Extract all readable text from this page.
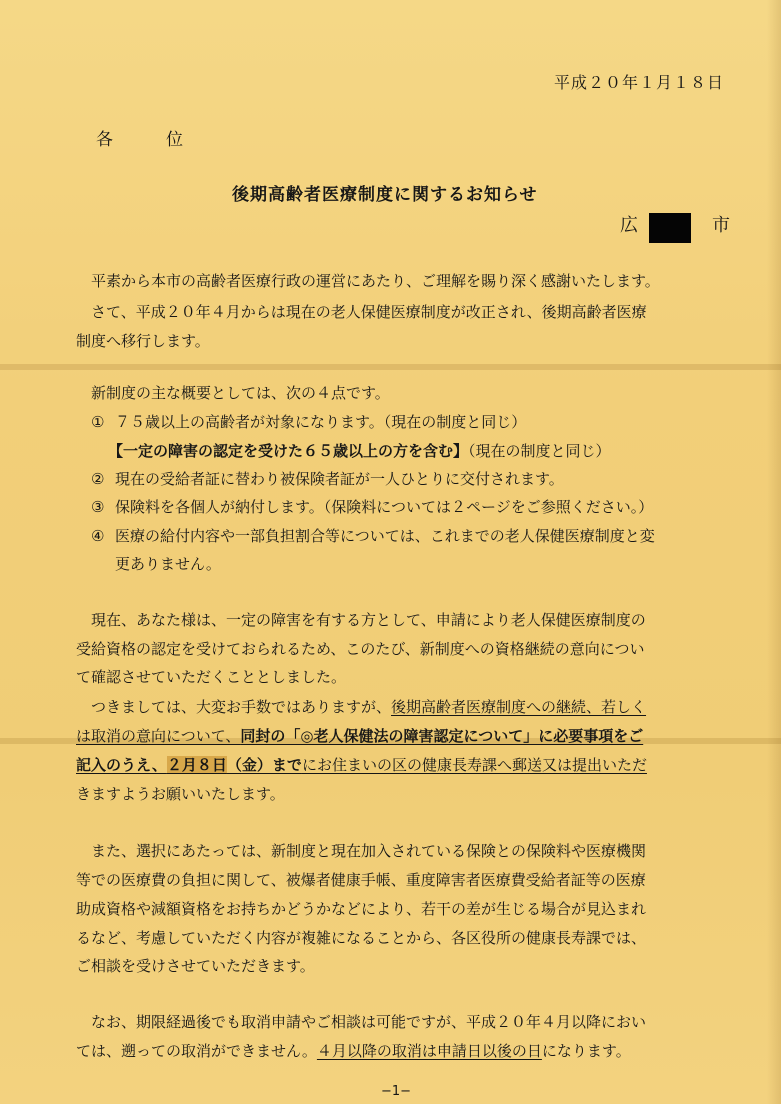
平成２０年１月１８日
各　位
後期高齢者医療制度に関するお知らせ
広	市
平素から本市の高齢者医療行政の運営にあたり、ご理解を賜り深く感謝いたします。
さて、平成２０年４月からは現在の老人保健医療制度が改正され、後期高齢者医療
制度へ移行します。
新制度の主な概要としては、次の４点です。
① ７５歳以上の高齢者が対象になります。（現在の制度と同じ）
【一定の障害の認定を受けた６５歳以上の方を含む】（現在の制度と同じ）
② 現在の受給者証に替わり被保険者証が一人ひとりに交付されます。
③ 保険料を各個人が納付します。（保険料については２ページをご参照ください。）
④ 医療の給付内容や一部負担割合等については、これまでの老人保健医療制度と変
更ありません。
現在、あなた様は、一定の障害を有する方として、申請により老人保健医療制度の
受給資格の認定を受けておられるため、このたび、新制度への資格継続の意向につい
て確認させていただくこととしました。
つきましては、大変お手数ではありますが、後期高齢者医療制度への継続、若しく
は取消の意向について、同封の「◎老人保健法の障害認定について」に必要事項をご
記入のうえ、２月８日（金）までにお住まいの区の健康長寿課へ郵送又は提出いただ
きますようお願いいたします。
また、選択にあたっては、新制度と現在加入されている保険との保険料や医療機関
等での医療費の負担に関して、被爆者健康手帳、重度障害者医療費受給者証等の医療
助成資格や減額資格をお持ちかどうかなどにより、若干の差が生じる場合が見込まれ
るなど、考慮していただく内容が複雑になることから、各区役所の健康長寿課では、
ご相談を受けさせていただきます。
なお、期限経過後でも取消申請やご相談は可能ですが、平成２０年４月以降におい
ては、遡っての取消ができません。４月以降の取消は申請日以後の日になります。
−1−
